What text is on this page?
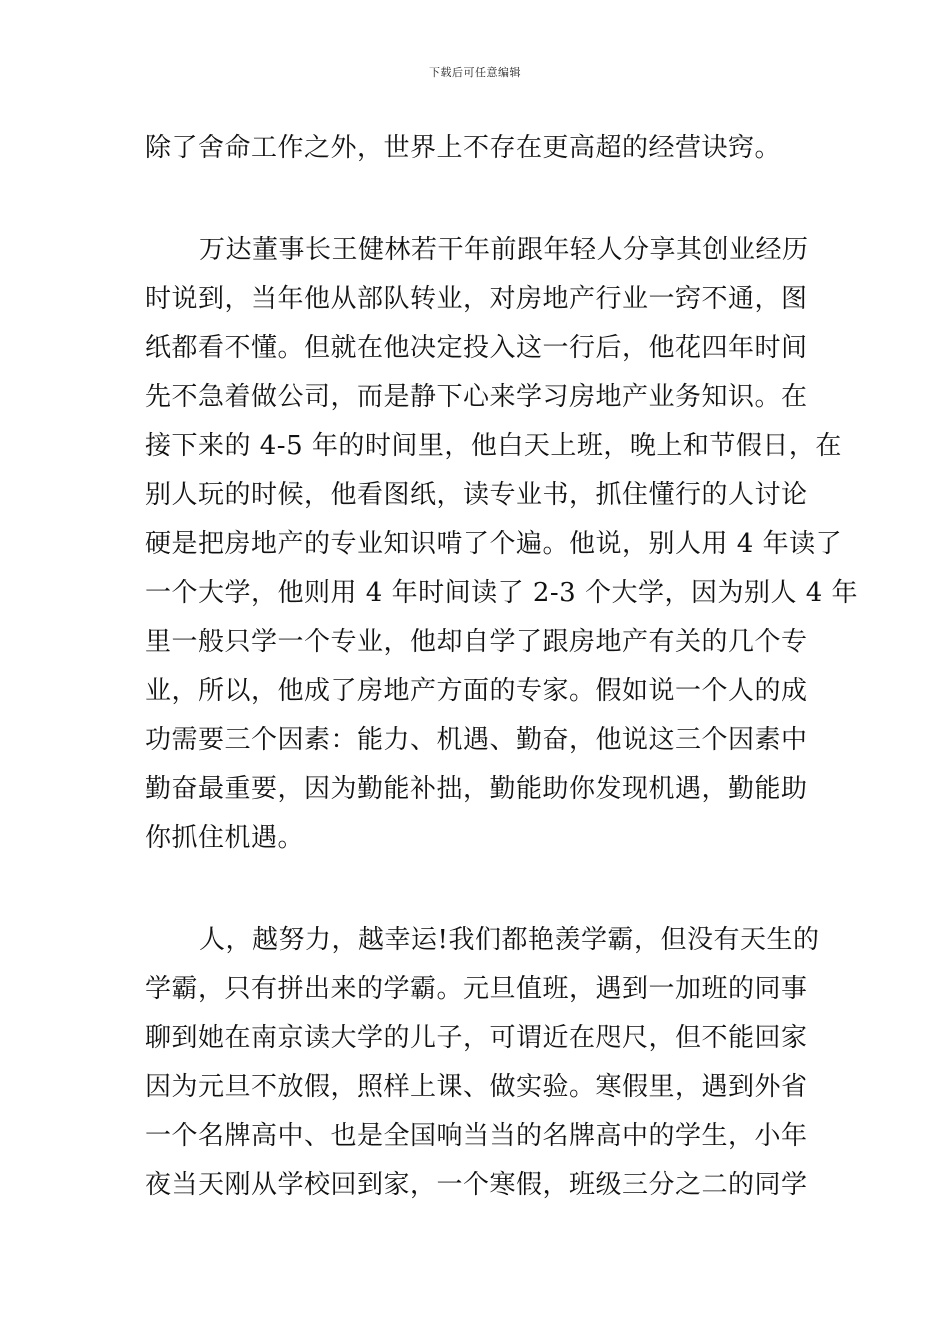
下载后可任意编辑
除了舍命工作之外，世界上不存在更高超的经营诀窍。
万达董事长王健林若干年前跟年轻人分享其创业经历
时说到，当年他从部队转业，对房地产行业一窍不通，图
纸都看不懂。但就在他决定投入这一行后，他花四年时间
先不急着做公司，而是静下心来学习房地产业务知识。在
接下来的 4-5 年的时间里，他白天上班，晚上和节假日，在
别人玩的时候，他看图纸，读专业书，抓住懂行的人讨论
硬是把房地产的专业知识啃了个遍。他说，别人用 4 年读了
一个大学，他则用 4 年时间读了 2-3 个大学，因为别人 4 年
里一般只学一个专业，他却自学了跟房地产有关的几个专
业，所以，他成了房地产方面的专家。假如说一个人的成
功需要三个因素：能力、机遇、勤奋，他说这三个因素中
勤奋最重要，因为勤能补拙，勤能助你发现机遇，勤能助
你抓住机遇。
人，越努力，越幸运!我们都艳羡学霸，但没有天生的
学霸，只有拼出来的学霸。元旦值班，遇到一加班的同事
聊到她在南京读大学的儿子，可谓近在咫尺，但不能回家
因为元旦不放假，照样上课、做实验。寒假里，遇到外省
一个名牌高中、也是全国响当当的名牌高中的学生，小年
夜当天刚从学校回到家，一个寒假，班级三分之二的同学
